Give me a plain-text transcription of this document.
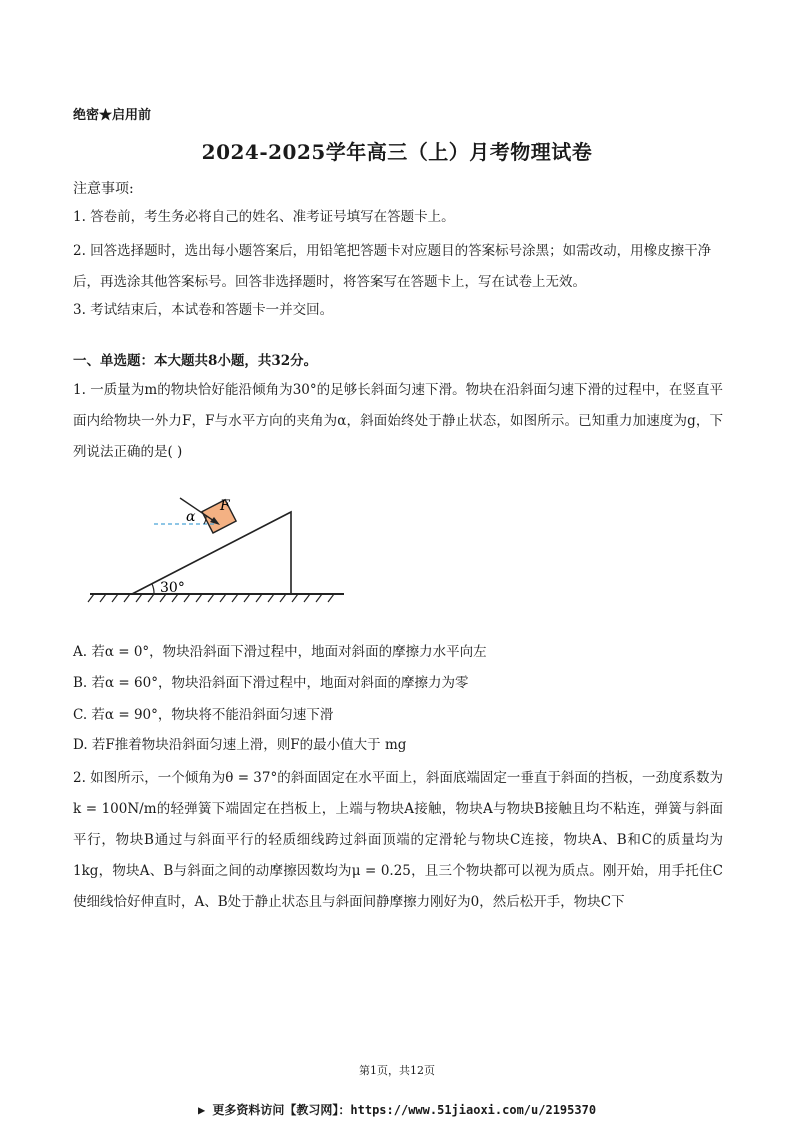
绝密★启用前
2024-2025学年高三（上）月考物理试卷
注意事项:
1. 答卷前，考生务必将自己的姓名、准考证号填写在答题卡上。
2. 回答选择题时，选出每小题答案后，用铅笔把答题卡对应题目的答案标号涂黑；如需改动，用橡皮擦干净后，再选涂其他答案标号。回答非选择题时，将答案写在答题卡上，写在试卷上无效。
3. 考试结束后，本试卷和答题卡一并交回。
一、单选题：本大题共8小题，共32分。
1. 一质量为m的物块恰好能沿倾角为30°的足够长斜面匀速下滑。物块在沿斜面匀速下滑的过程中，在竖直平面内给物块一外力F，F与水平方向的夹角为α，斜面始终处于静止状态，如图所示。已知重力加速度为g，下列说法正确的是( )
30°
α
F
A. 若α = 0°，物块沿斜面下滑过程中，地面对斜面的摩擦力水平向左
B. 若α = 60°，物块沿斜面下滑过程中，地面对斜面的摩擦力为零
C. 若α = 90°，物块将不能沿斜面匀速下滑
D. 若F推着物块沿斜面匀速上滑，则F的最小值大于 mg
2. 如图所示，一个倾角为θ = 37°的斜面固定在水平面上，斜面底端固定一垂直于斜面的挡板，一劲度系数为k = 100N/m的轻弹簧下端固定在挡板上，上端与物块A接触，物块A与物块B接触且均不粘连，弹簧与斜面平行，物块B通过与斜面平行的轻质细线跨过斜面顶端的定滑轮与物块C连接，物块A、B和C的质量均为1kg，物块A、B与斜面之间的动摩擦因数均为μ = 0.25，且三个物块都可以视为质点。刚开始，用手托住C使细线恰好伸直时，A、B处于静止状态且与斜面间静摩擦力刚好为0，然后松开手，物块C下
第1页，共12页
▶ 更多资料访问【教习网】：https://www.51jiaoxi.com/u/2195370
